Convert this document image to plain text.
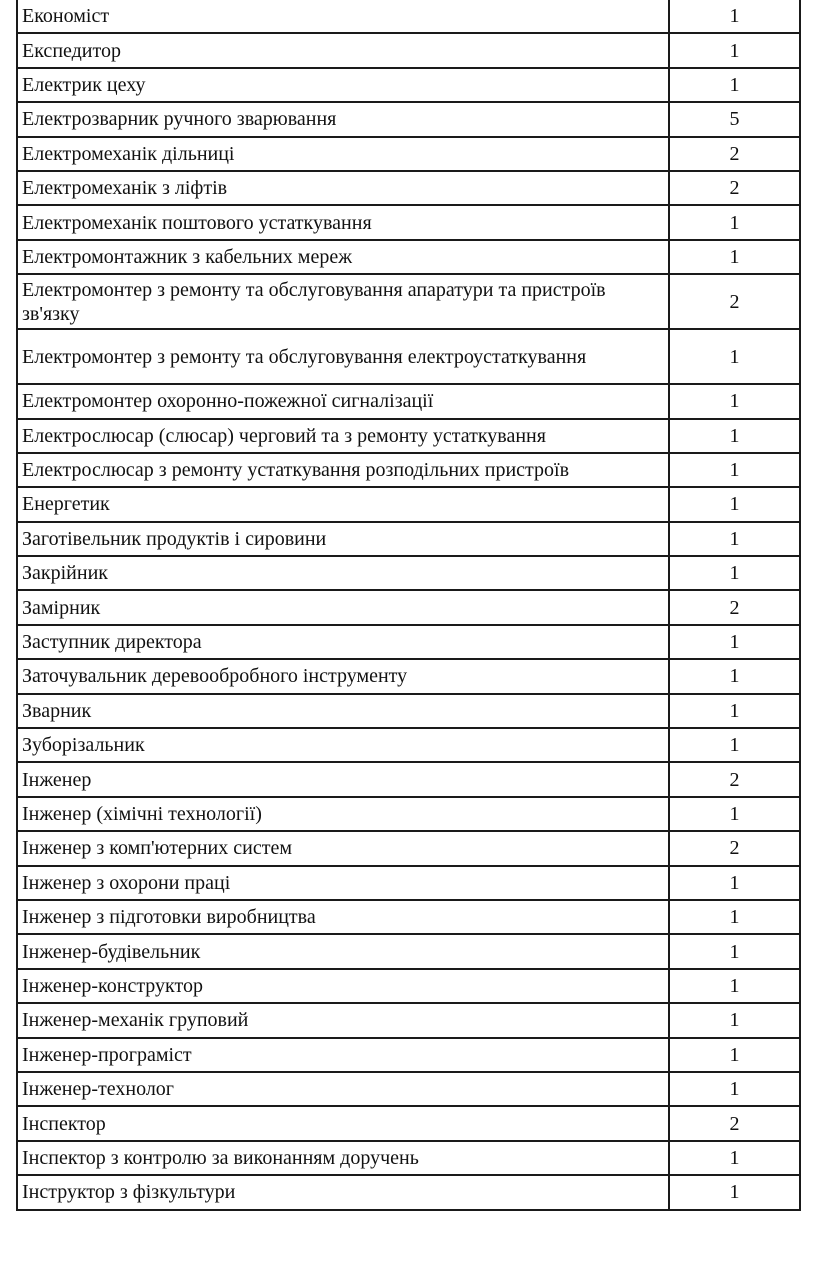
Економіст	1
Експедитор	1
Електрик цеху	1
Електрозварник ручного зварювання	5
Електромеханік дільниці	2
Електромеханік з ліфтів	2
Електромеханік поштового устаткування	1
Електромонтажник з кабельних мереж	1
Електромонтер з ремонту та обслуговування апаратури та пристроїв зв'язку	2
Електромонтер з ремонту та обслуговування електроустаткування	1
Електромонтер охоронно-пожежної сигналізації	1
Електрослюсар (слюсар) черговий та з ремонту устаткування	1
Електрослюсар з ремонту устаткування розподільних пристроїв	1
Енергетик	1
Заготівельник продуктів і сировини	1
Закрійник	1
Замірник	2
Заступник директора	1
Заточувальник деревообробного інструменту	1
Зварник	1
Зуборізальник	1
Інженер	2
Інженер (хімічні технології)	1
Інженер з комп'ютерних систем	2
Інженер з охорони праці	1
Інженер з підготовки виробництва	1
Інженер-будівельник	1
Інженер-конструктор	1
Інженер-механік груповий	1
Інженер-програміст	1
Інженер-технолог	1
Інспектор	2
Інспектор з контролю за виконанням доручень	1
Інструктор з фізкультури	1
